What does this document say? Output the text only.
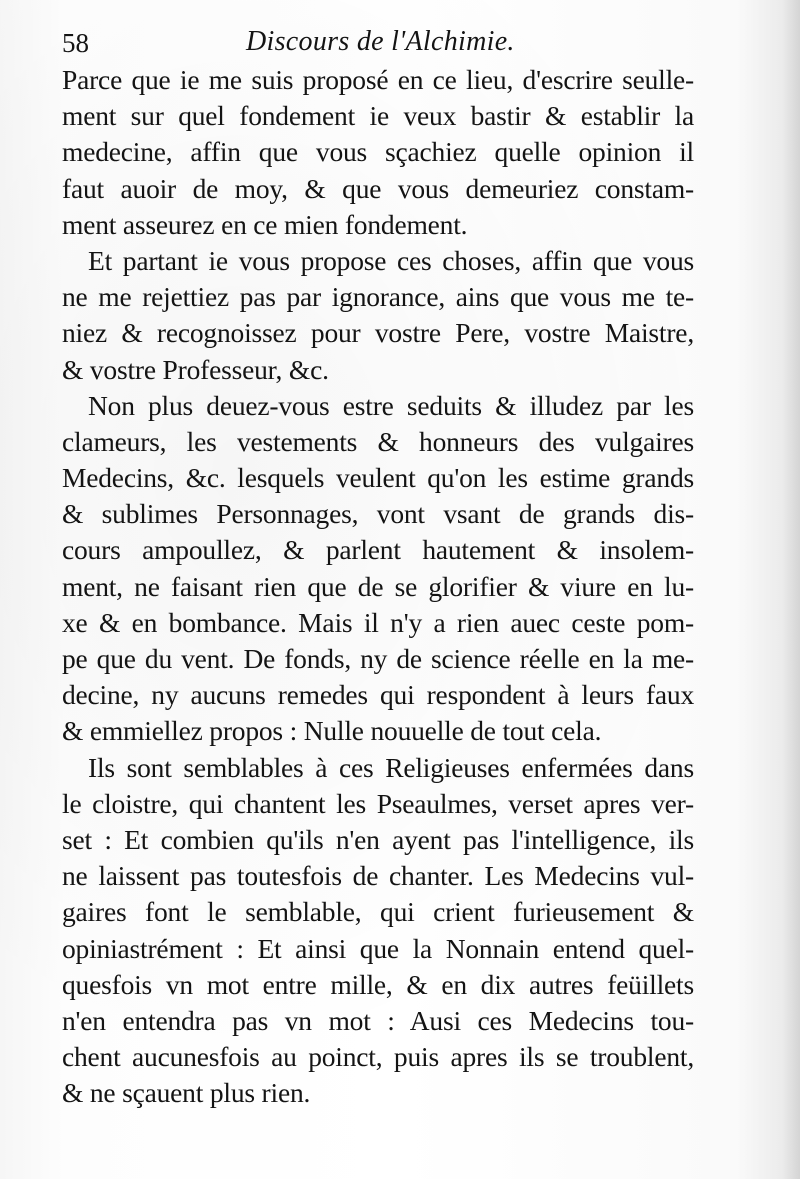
58	Discours de l'Alchimie.
Parce que ie me suis proposé en ce lieu, d'escrire seulle-
ment sur quel fondement ie veux bastir & establir la
medecine, affin que vous sçachiez quelle opinion il
faut auoir de moy, & que vous demeuriez constam-
ment asseurez en ce mien fondement.
Et partant ie vous propose ces choses, affin que vous
ne me rejettiez pas par ignorance, ains que vous me te-
niez & recognoissez pour vostre Pere, vostre Maistre,
& vostre Professeur, &c.
Non plus deuez-vous estre seduits & illudez par les
clameurs, les vestements & honneurs des vulgaires
Medecins, &c. lesquels veulent qu'on les estime grands
& sublimes Personnages, vont vsant de grands dis-
cours ampoullez, & parlent hautement & insolem-
ment, ne faisant rien que de se glorifier & viure en lu-
xe & en bombance. Mais il n'y a rien auec ceste pom-
pe que du vent. De fonds, ny de science réelle en la me-
decine, ny aucuns remedes qui respondent à leurs faux
& emmiellez propos : Nulle nouuelle de tout cela.
Ils sont semblables à ces Religieuses enfermées dans
le cloistre, qui chantent les Pseaulmes, verset apres ver-
set : Et combien qu'ils n'en ayent pas l'intelligence, ils
ne laissent pas toutesfois de chanter. Les Medecins vul-
gaires font le semblable, qui crient furieusement &
opiniastrément : Et ainsi que la Nonnain entend quel-
quesfois vn mot entre mille, & en dix autres feüillets
n'en entendra pas vn mot : Ausi ces Medecins tou-
chent aucunesfois au poinct, puis apres ils se troublent,
& ne sçauent plus rien.
